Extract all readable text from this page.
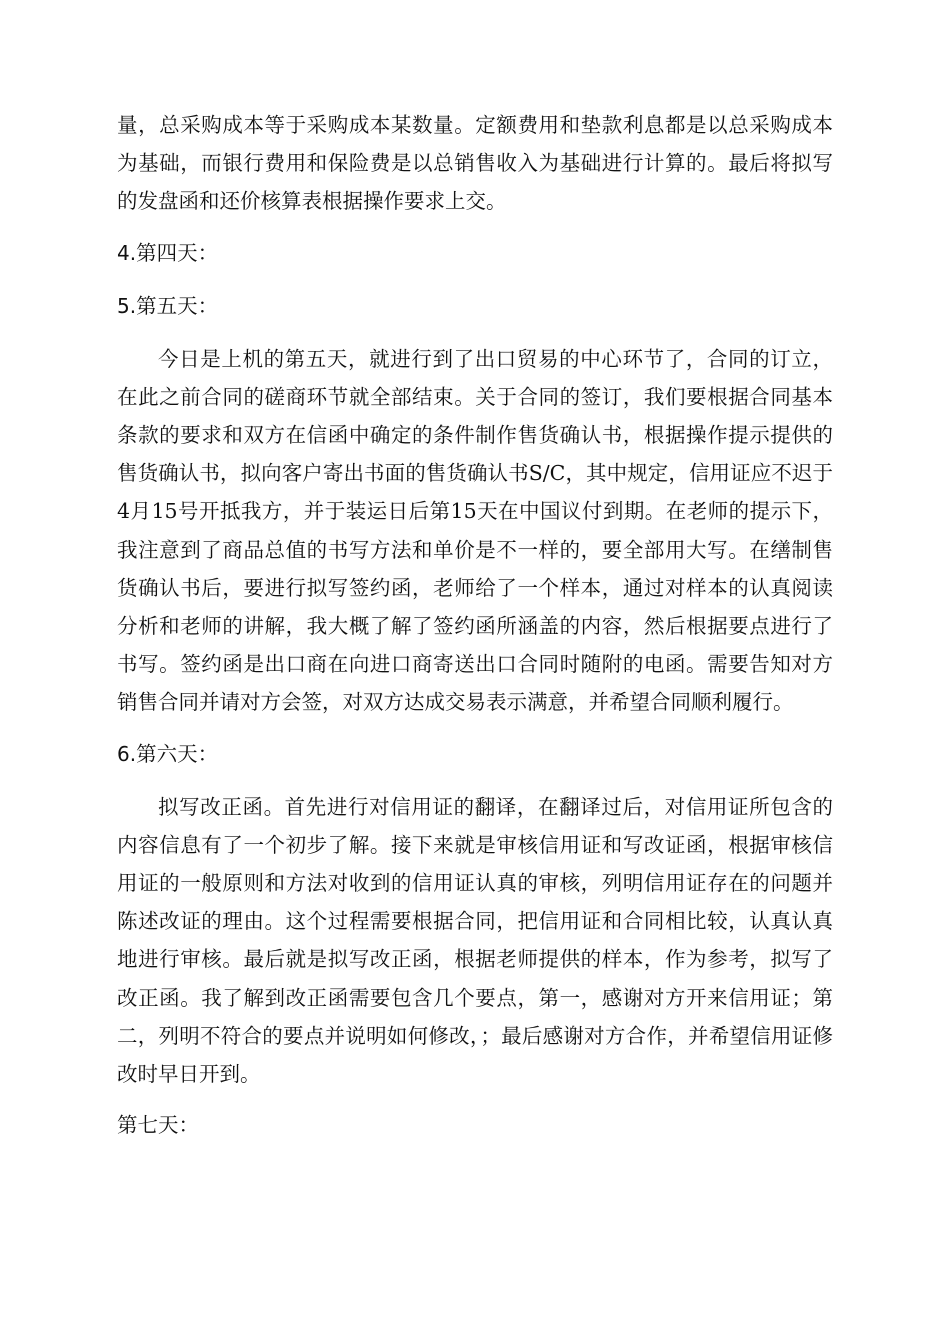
量，总采购成本等于采购成本某数量。定额费用和垫款利息都是以总采购成本为基础，而银行费用和保险费是以总销售收入为基础进行计算的。最后将拟写的发盘函和还价核算表根据操作要求上交。

4.第四天：

5.第五天：

今日是上机的第五天，就进行到了出口贸易的中心环节了，合同的订立，在此之前合同的磋商环节就全部结束。关于合同的签订，我们要根据合同基本条款的要求和双方在信函中确定的条件制作售货确认书，根据操作提示提供的售货确认书，拟向客户寄出书面的售货确认书S/C，其中规定，信用证应不迟于4月15号开抵我方，并于装运日后第15天在中国议付到期。在老师的提示下，我注意到了商品总值的书写方法和单价是不一样的，要全部用大写。在缮制售货确认书后，要进行拟写签约函，老师给了一个样本，通过对样本的认真阅读分析和老师的讲解，我大概了解了签约函所涵盖的内容，然后根据要点进行了书写。签约函是出口商在向进口商寄送出口合同时随附的电函。需要告知对方销售合同并请对方会签，对双方达成交易表示满意，并希望合同顺利履行。

6.第六天：

拟写改正函。首先进行对信用证的翻译，在翻译过后，对信用证所包含的内容信息有了一个初步了解。接下来就是审核信用证和写改证函，根据审核信用证的一般原则和方法对收到的信用证认真的审核，列明信用证存在的问题并陈述改证的理由。这个过程需要根据合同，把信用证和合同相比较，认真认真地进行审核。最后就是拟写改正函，根据老师提供的样本，作为参考，拟写了改正函。我了解到改正函需要包含几个要点，第一，感谢对方开来信用证；第二，列明不符合的要点并说明如何修改，；最后感谢对方合作，并希望信用证修改时早日开到。

第七天：
